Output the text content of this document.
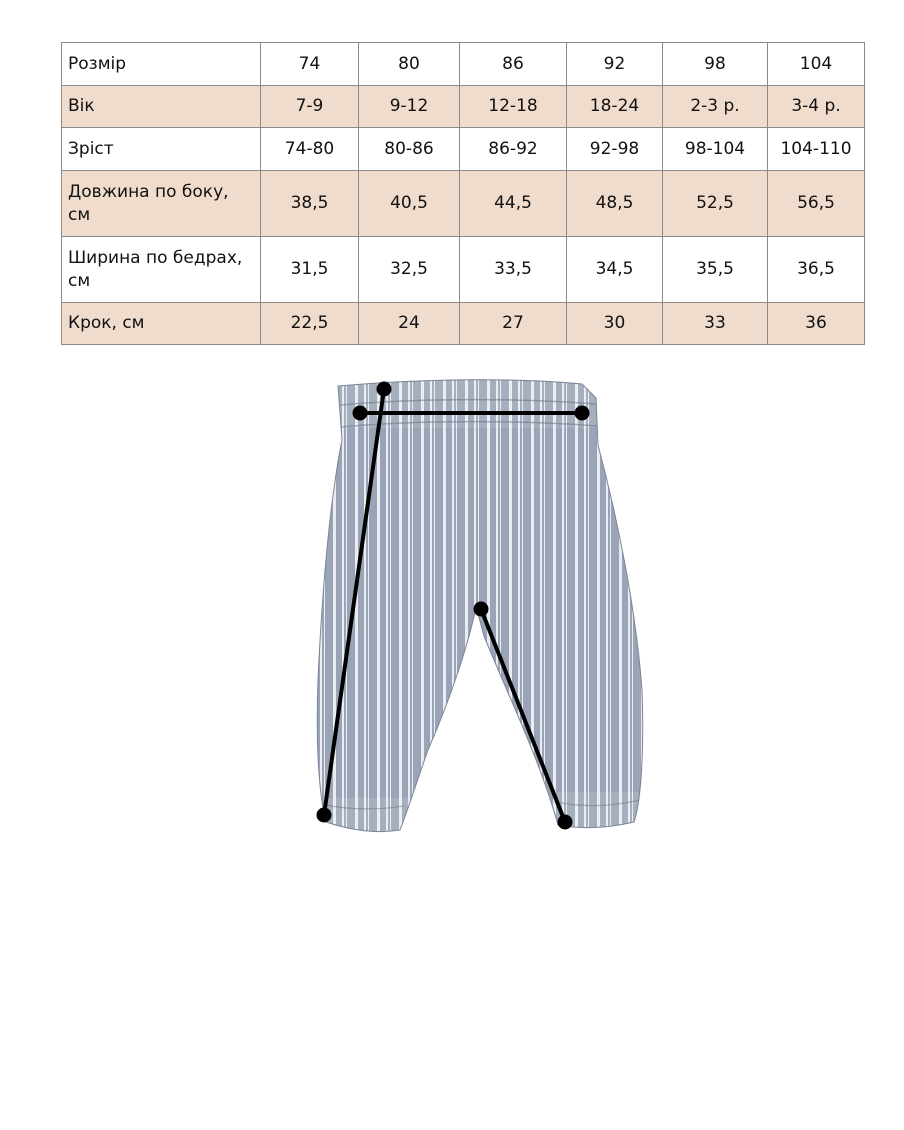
Розмір	74	80	86	92	98	104
Вік	7-9	9-12	12-18	18-24	2-3 р.	3-4 р.
Зріст	74-80	80-86	86-92	92-98	98-104	104-110
Довжина по боку, см	38,5	40,5	44,5	48,5	52,5	56,5
Ширина по бедрах, см	31,5	32,5	33,5	34,5	35,5	36,5
Крок, см	22,5	24	27	30	33	36
